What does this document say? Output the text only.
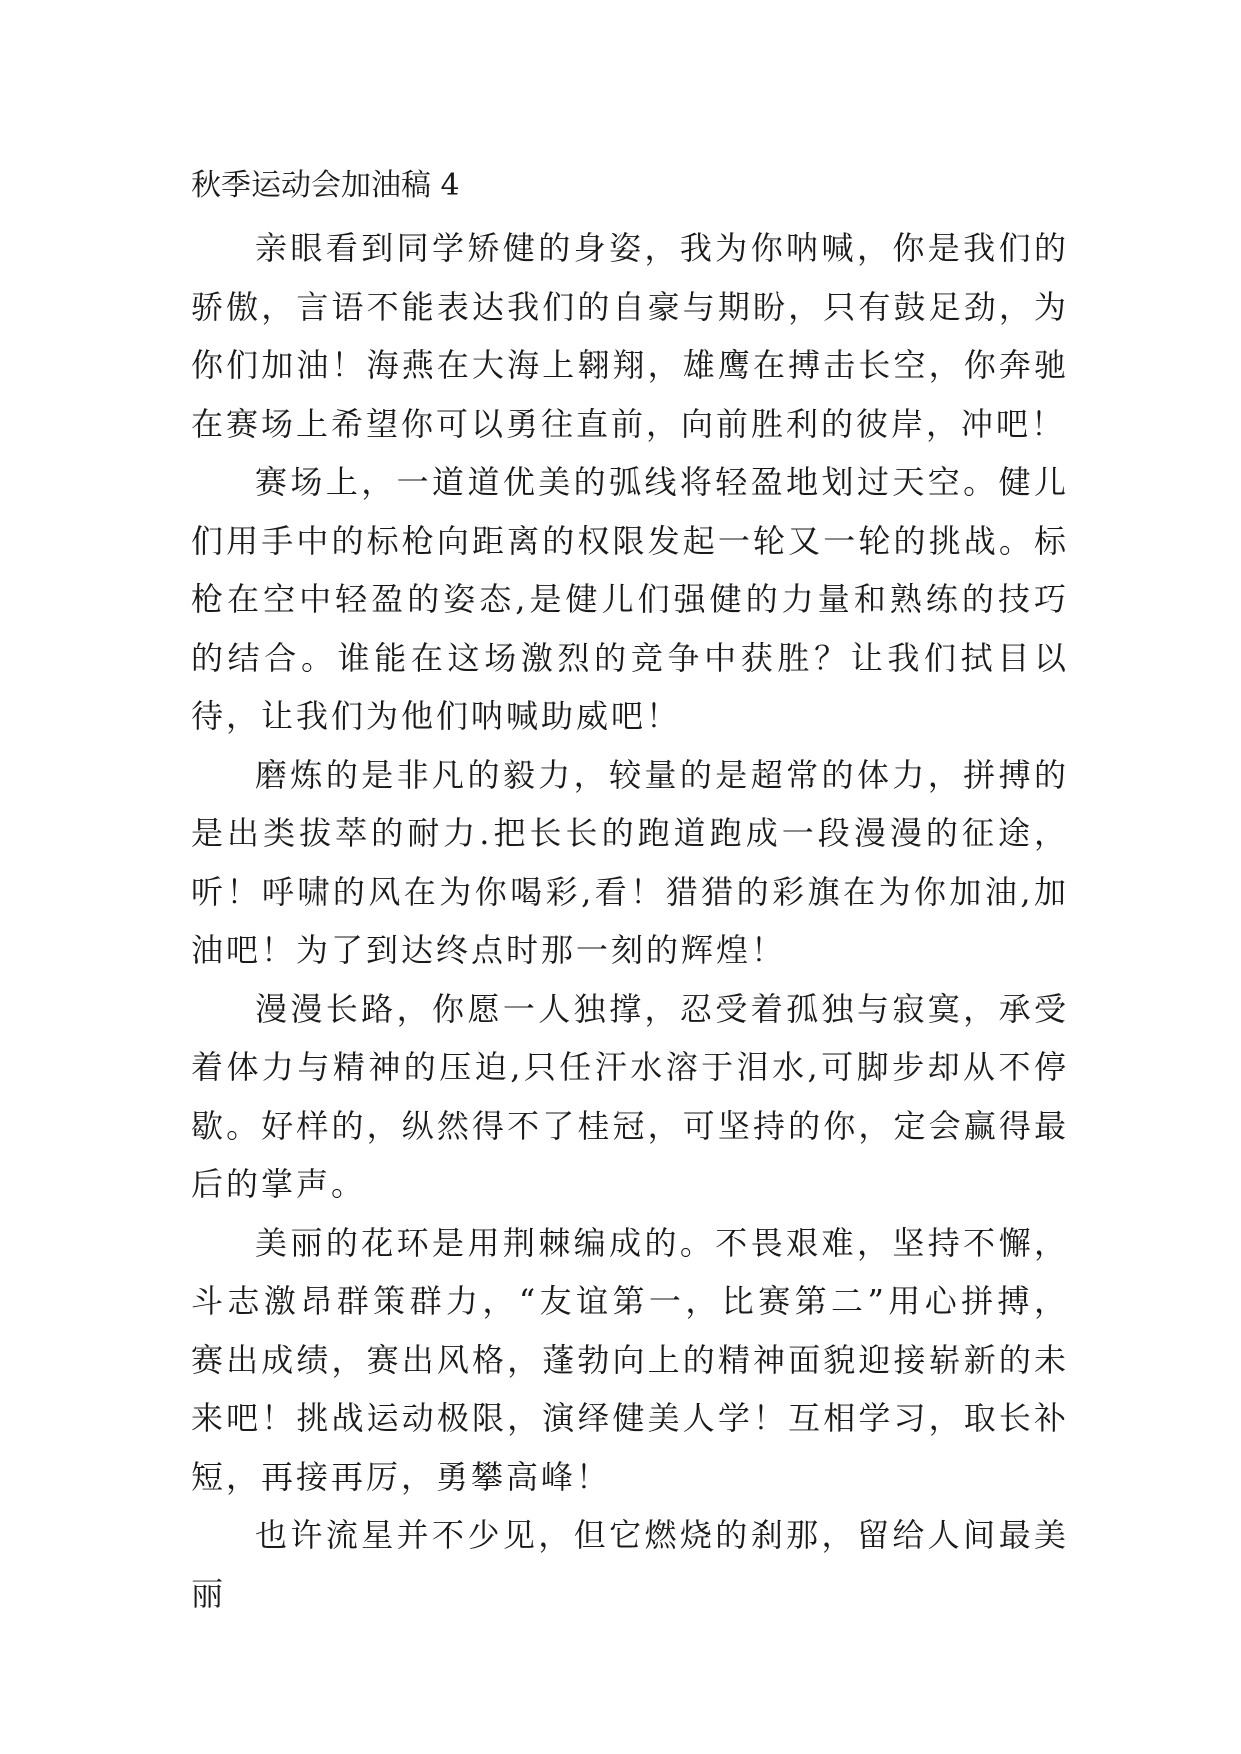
秋季运动会加油稿 4

亲眼看到同学矫健的身姿，我为你呐喊，你是我们的骄傲，言语不能表达我们的自豪与期盼，只有鼓足劲，为你们加油！海燕在大海上翱翔，雄鹰在搏击长空，你奔驰在赛场上希望你可以勇往直前，向前胜利的彼岸，冲吧！

赛场上，一道道优美的弧线将轻盈地划过天空。健儿们用手中的标枪向距离的权限发起一轮又一轮的挑战。标枪在空中轻盈的姿态,是健儿们强健的力量和熟练的技巧的结合。谁能在这场激烈的竞争中获胜？让我们拭目以待，让我们为他们呐喊助威吧！

磨炼的是非凡的毅力，较量的是超常的体力，拼搏的是出类拔萃的耐力.把长长的跑道跑成一段漫漫的征途，听！呼啸的风在为你喝彩,看！猎猎的彩旗在为你加油,加油吧！为了到达终点时那一刻的辉煌！

漫漫长路，你愿一人独撑，忍受着孤独与寂寞，承受着体力与精神的压迫,只任汗水溶于泪水,可脚步却从不停歇。好样的，纵然得不了桂冠，可坚持的你，定会赢得最后的掌声。

美丽的花环是用荆棘编成的。不畏艰难，坚持不懈，斗志激昂群策群力，“友谊第一，比赛第二”用心拼搏，赛出成绩，赛出风格，蓬勃向上的精神面貌迎接崭新的未来吧！挑战运动极限，演绎健美人学！互相学习，取长补短，再接再厉，勇攀高峰！

也许流星并不少见，但它燃烧的刹那，留给人间最美丽
